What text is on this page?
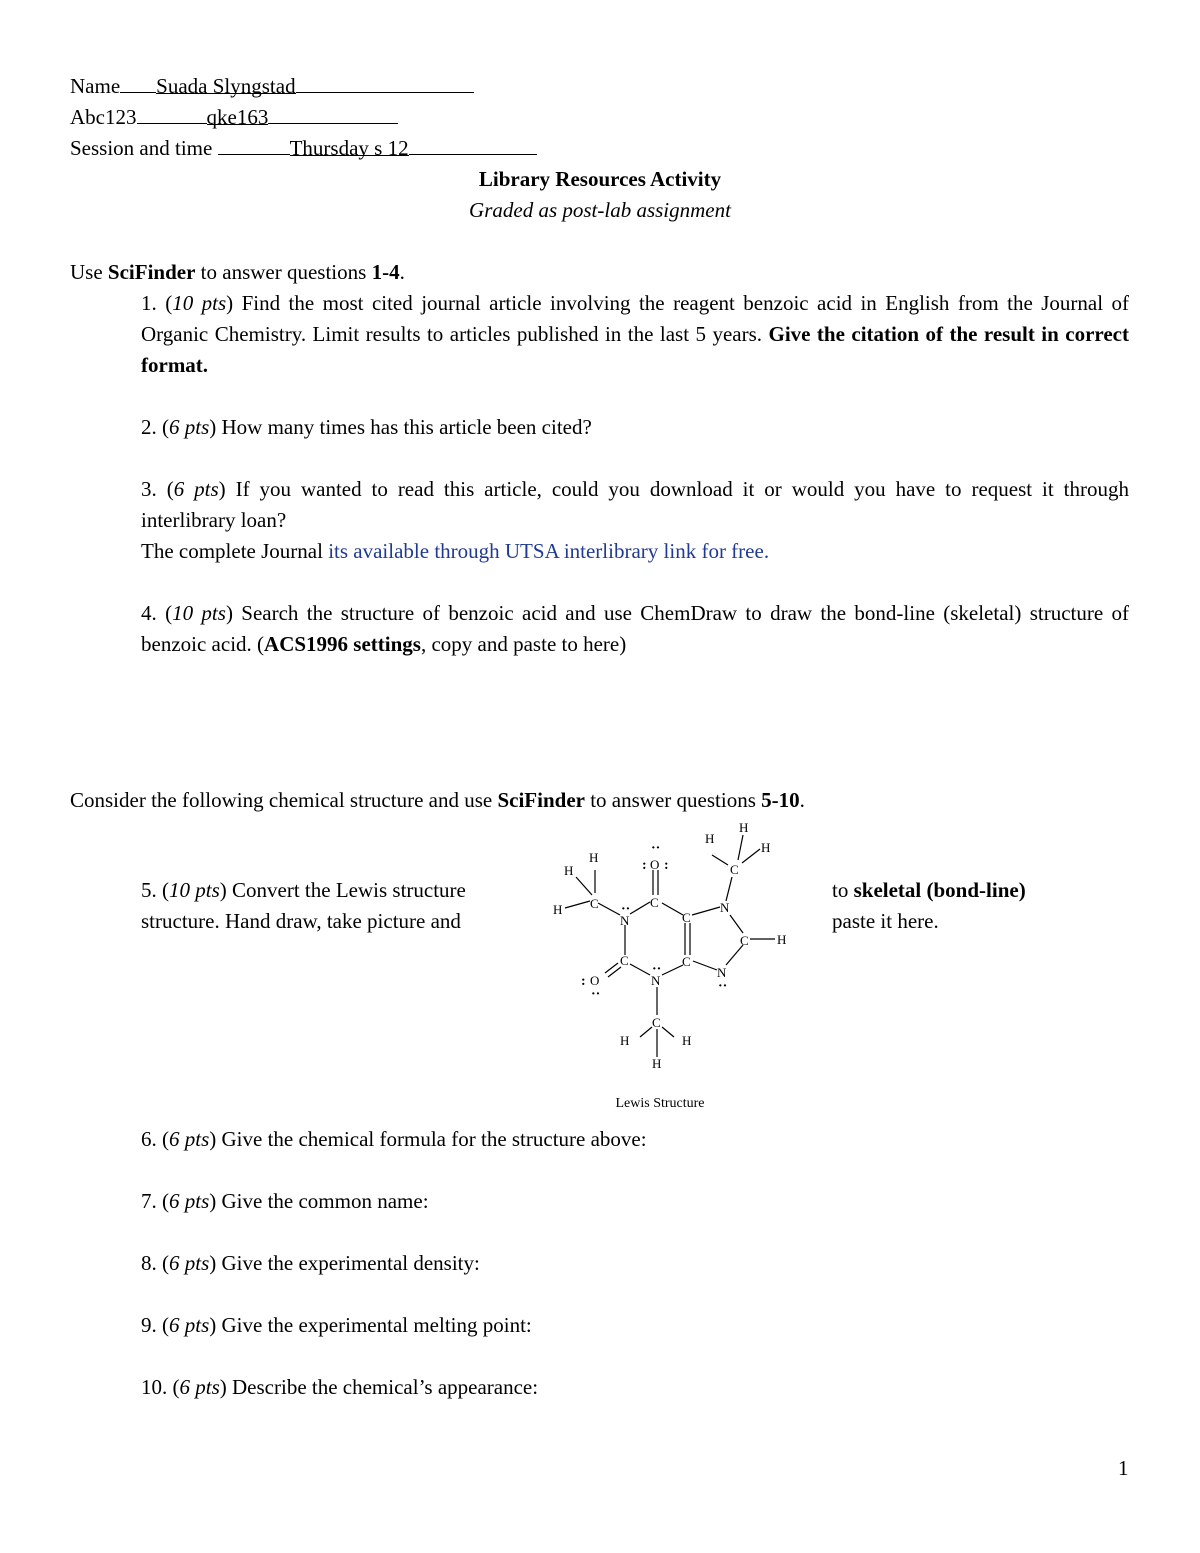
Name Suada Slyngstad
Abc123	qke163
Session and time	Thursday s 12
Library Resources Activity
Graded as post-lab assignment
Use SciFinder to answer questions 1-4.
1. (10 pts) Find the most cited journal article involving the reagent benzoic acid in English from the Journal of Organic Chemistry. Limit results to articles published in the last 5 years. Give the citation of the result in correct format.
2. (6 pts) How many times has this article been cited?
3. (6 pts) If you wanted to read this article, could you download it or would you have to request it through interlibrary loan?
The complete Journal its available through UTSA interlibrary link for free.
4. (10 pts) Search the structure of benzoic acid and use ChemDraw to draw the bond-line (skeletal) structure of benzoic acid. (ACS1996 settings, copy and paste to here)
Consider the following chemical structure and use SciFinder to answer questions 5-10.
5. (10 pts) Convert the Lewis structure
structure. Hand draw, take picture and
to skeletal (bond-line)
paste it here.
H
H
H C
N
C
O
C
N
C
H
H
H
C H
N
C
N
C
O
C
H	H
H
··
: :
··
··
··
:
··
Lewis Structure
6. (6 pts) Give the chemical formula for the structure above:
7. (6 pts) Give the common name:
8. (6 pts) Give the experimental density:
9. (6 pts) Give the experimental melting point:
10. (6 pts) Describe the chemical’s appearance:
1
